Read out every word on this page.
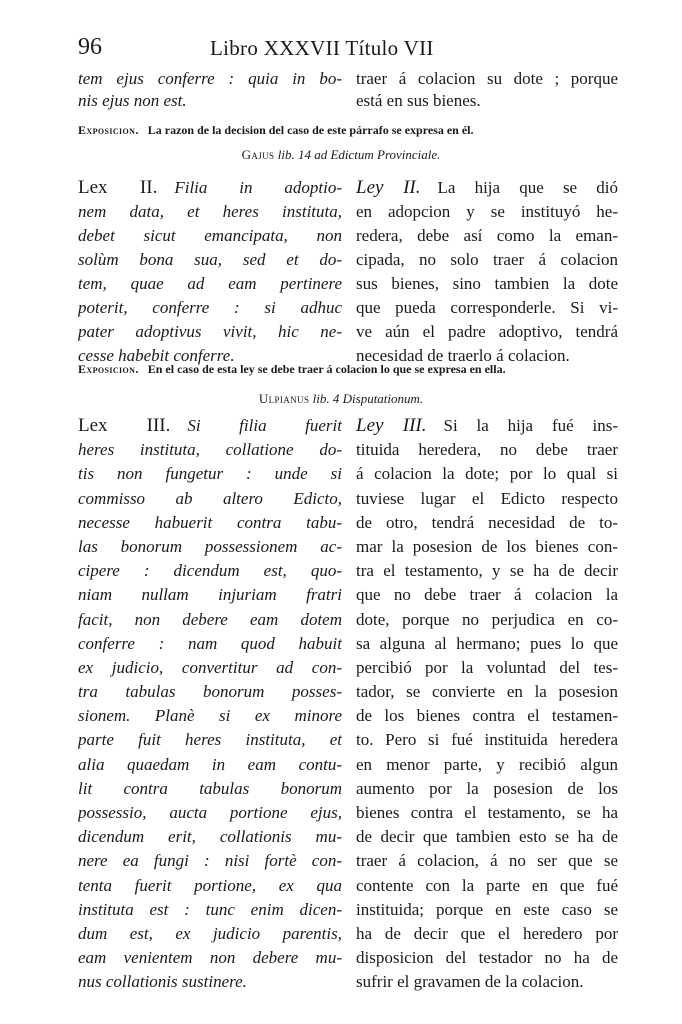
96	Libro XXXVII Título VII
tem ejus conferre : quia in bo-
nis ejus non est.
traer á colacion su dote ; porque
está en sus bienes.
Exposicion. La razon de la decision del caso de este párrafo se expresa en él.
Gajus lib. 14 ad Edictum Provinciale.
Lex II.  Filia in adoptio-
nem data, et heres instituta,
debet sicut emancipata, non
solùm bona sua, sed et do-
tem, quae ad eam pertinere
poterit, conferre : si adhuc
pater adoptivus vivit, hic ne-
cesse habebit conferre.
Ley II.  La hija que se dió
en adopcion y se instituyó he-
redera, debe así como la eman-
cipada, no solo traer á colacion
sus bienes, sino tambien la dote
que pueda corresponderle. Si vi-
ve aún el padre adoptivo, tendrá
necesidad de traerlo á colacion.
Exposicion. En el caso de esta ley se debe traer á colacion lo que se expresa en ella.
Ulpianus lib. 4 Disputationum.
Lex III.  Si filia fuerit
heres instituta, collatione do-
tis non fungetur : unde si
commisso ab altero Edicto,
necesse habuerit contra tabu-
las bonorum possessionem ac-
cipere : dicendum est, quo-
niam nullam injuriam fratri
facit, non debere eam dotem
conferre : nam quod habuit
ex judicio, convertitur ad con-
tra tabulas bonorum posses-
sionem. Planè si ex minore
parte fuit heres instituta, et
alia quaedam in eam contu-
lit contra tabulas bonorum
possessio, aucta portione ejus,
dicendum erit, collationis mu-
nere ea fungi : nisi fortè con-
tenta fuerit portione, ex qua
instituta est : tunc enim dicen-
dum est, ex judicio parentis,
eam venientem non debere mu-
nus collationis sustinere.
Ley III.  Si la hija fué ins-
tituida heredera, no debe traer
á colacion la dote; por lo qual si
tuviese lugar el Edicto respecto
de otro, tendrá necesidad de to-
mar la posesion de los bienes con-
tra el testamento, y se ha de decir
que no debe traer á colacion la
dote, porque no perjudica en co-
sa alguna al hermano; pues lo que
percibió por la voluntad del tes-
tador, se convierte en la posesion
de los bienes contra el testamen-
to. Pero si fué instituida heredera
en menor parte, y recibió algun
aumento por la posesion de los
bienes contra el testamento, se ha
de decir que tambien esto se ha de
traer á colacion, á no ser que se
contente con la parte en que fué
instituida; porque en este caso se
ha de decir que el heredero por
disposicion del testador no ha de
sufrir el gravamen de la colacion.
